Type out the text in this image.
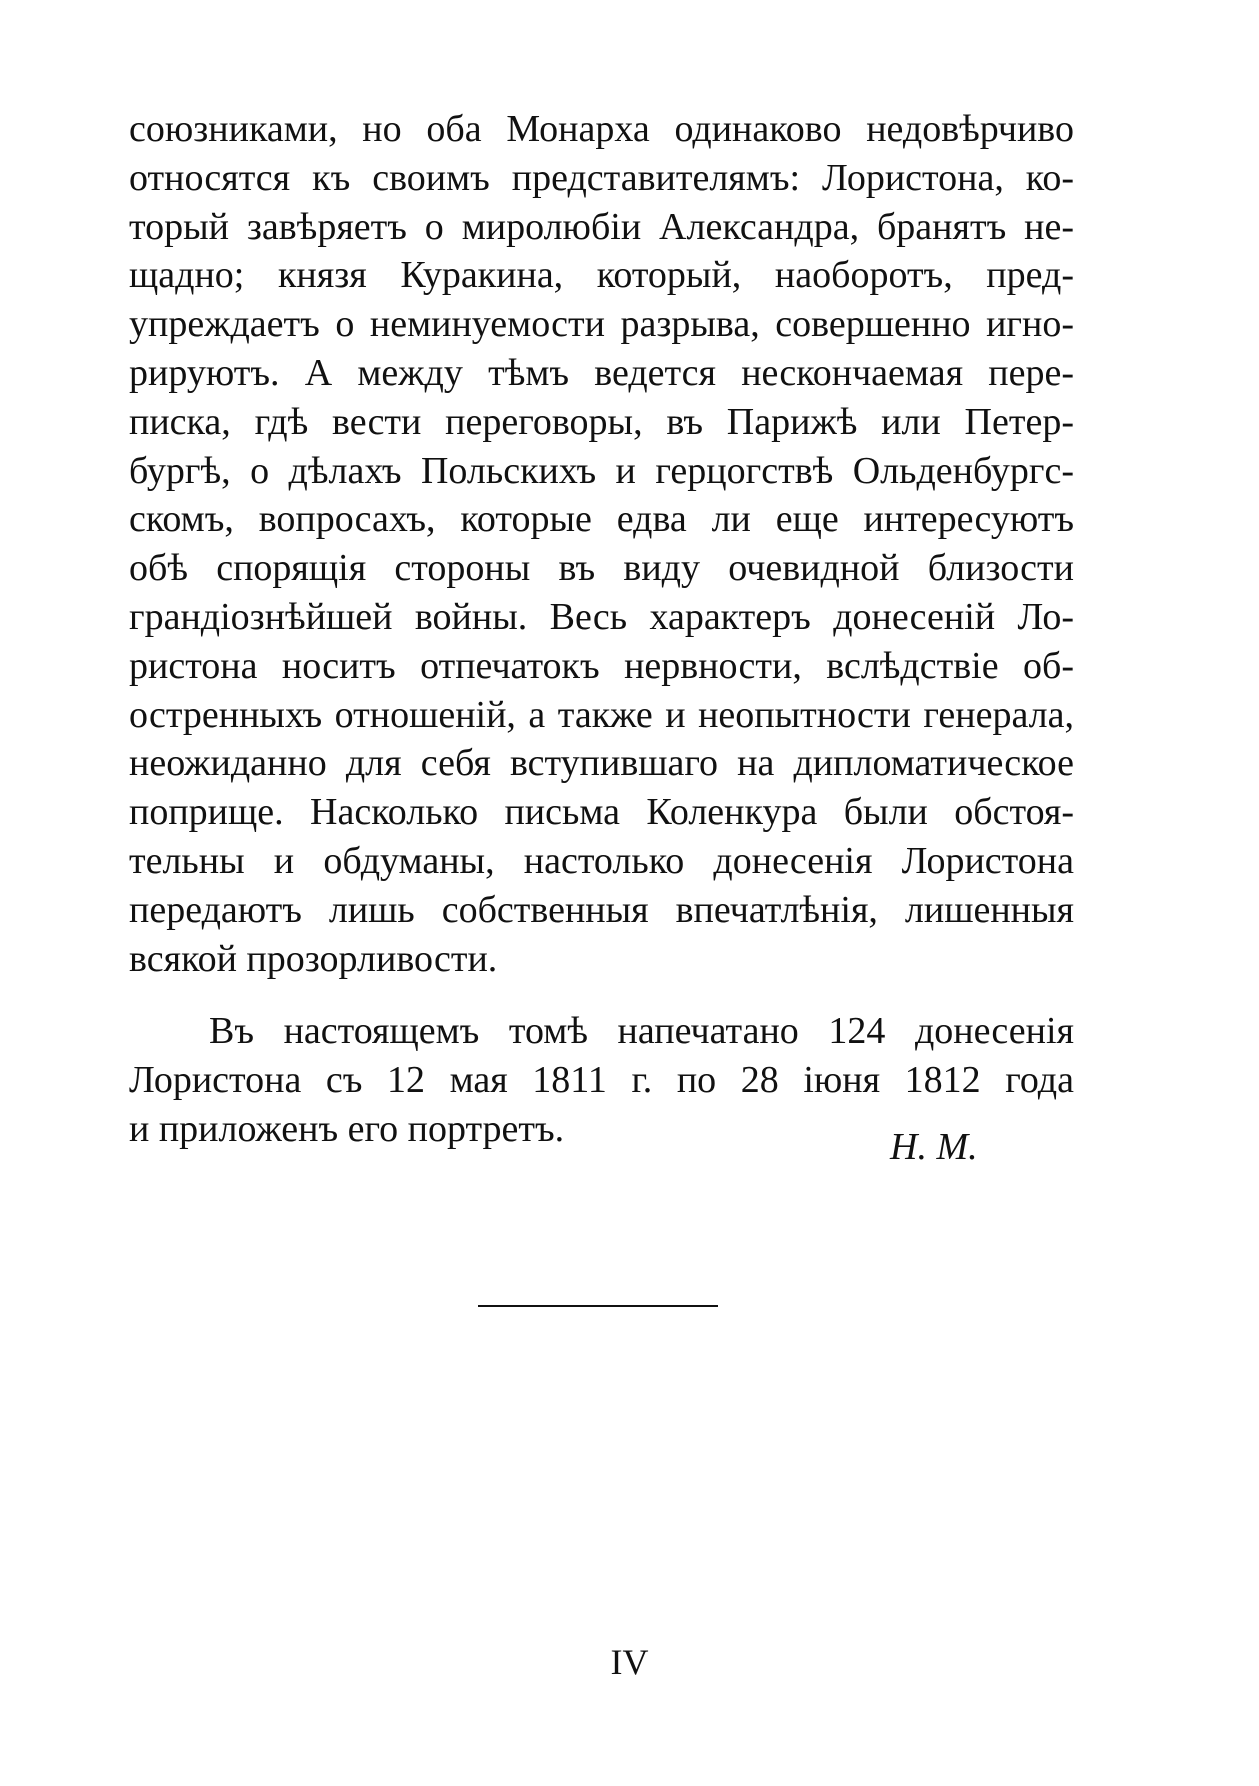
союзниками, но оба Монарха одинаково недовѣрчиво
относятся къ своимъ представителямъ: Лористона, ко-
торый завѣряетъ о миролюбіи Александра, бранятъ не-
щадно; князя Куракина, который, наоборотъ, пред-
упреждаетъ о неминуемости разрыва, совершенно игно-
рируютъ. А между тѣмъ ведется нескончаемая пере-
писка, гдѣ вести переговоры, въ Парижѣ или Петер-
бургѣ, о дѣлахъ Польскихъ и герцогствѣ Ольденбургс-
скомъ, вопросахъ, которые едва ли еще интересуютъ
обѣ спорящія стороны въ виду очевидной близости
грандіознѣйшей войны. Весь характеръ донесеній Ло-
ристона носитъ отпечатокъ нервности, вслѣдствіе об-
остренныхъ отношеній, а также и неопытности генерала,
неожиданно для себя вступившаго на дипломатическое
поприще. Насколько письма Коленкура были обстоя-
тельны и обдуманы, настолько донесенія Лористона
передаютъ лишь собственныя впечатлѣнія, лишенныя
всякой прозорливости.
Въ настоящемъ томѣ напечатано 124 донесенія
Лористона съ 12 мая 1811 г. по 28 іюня 1812 года
и приложенъ его портретъ.	Н. М.
IV
